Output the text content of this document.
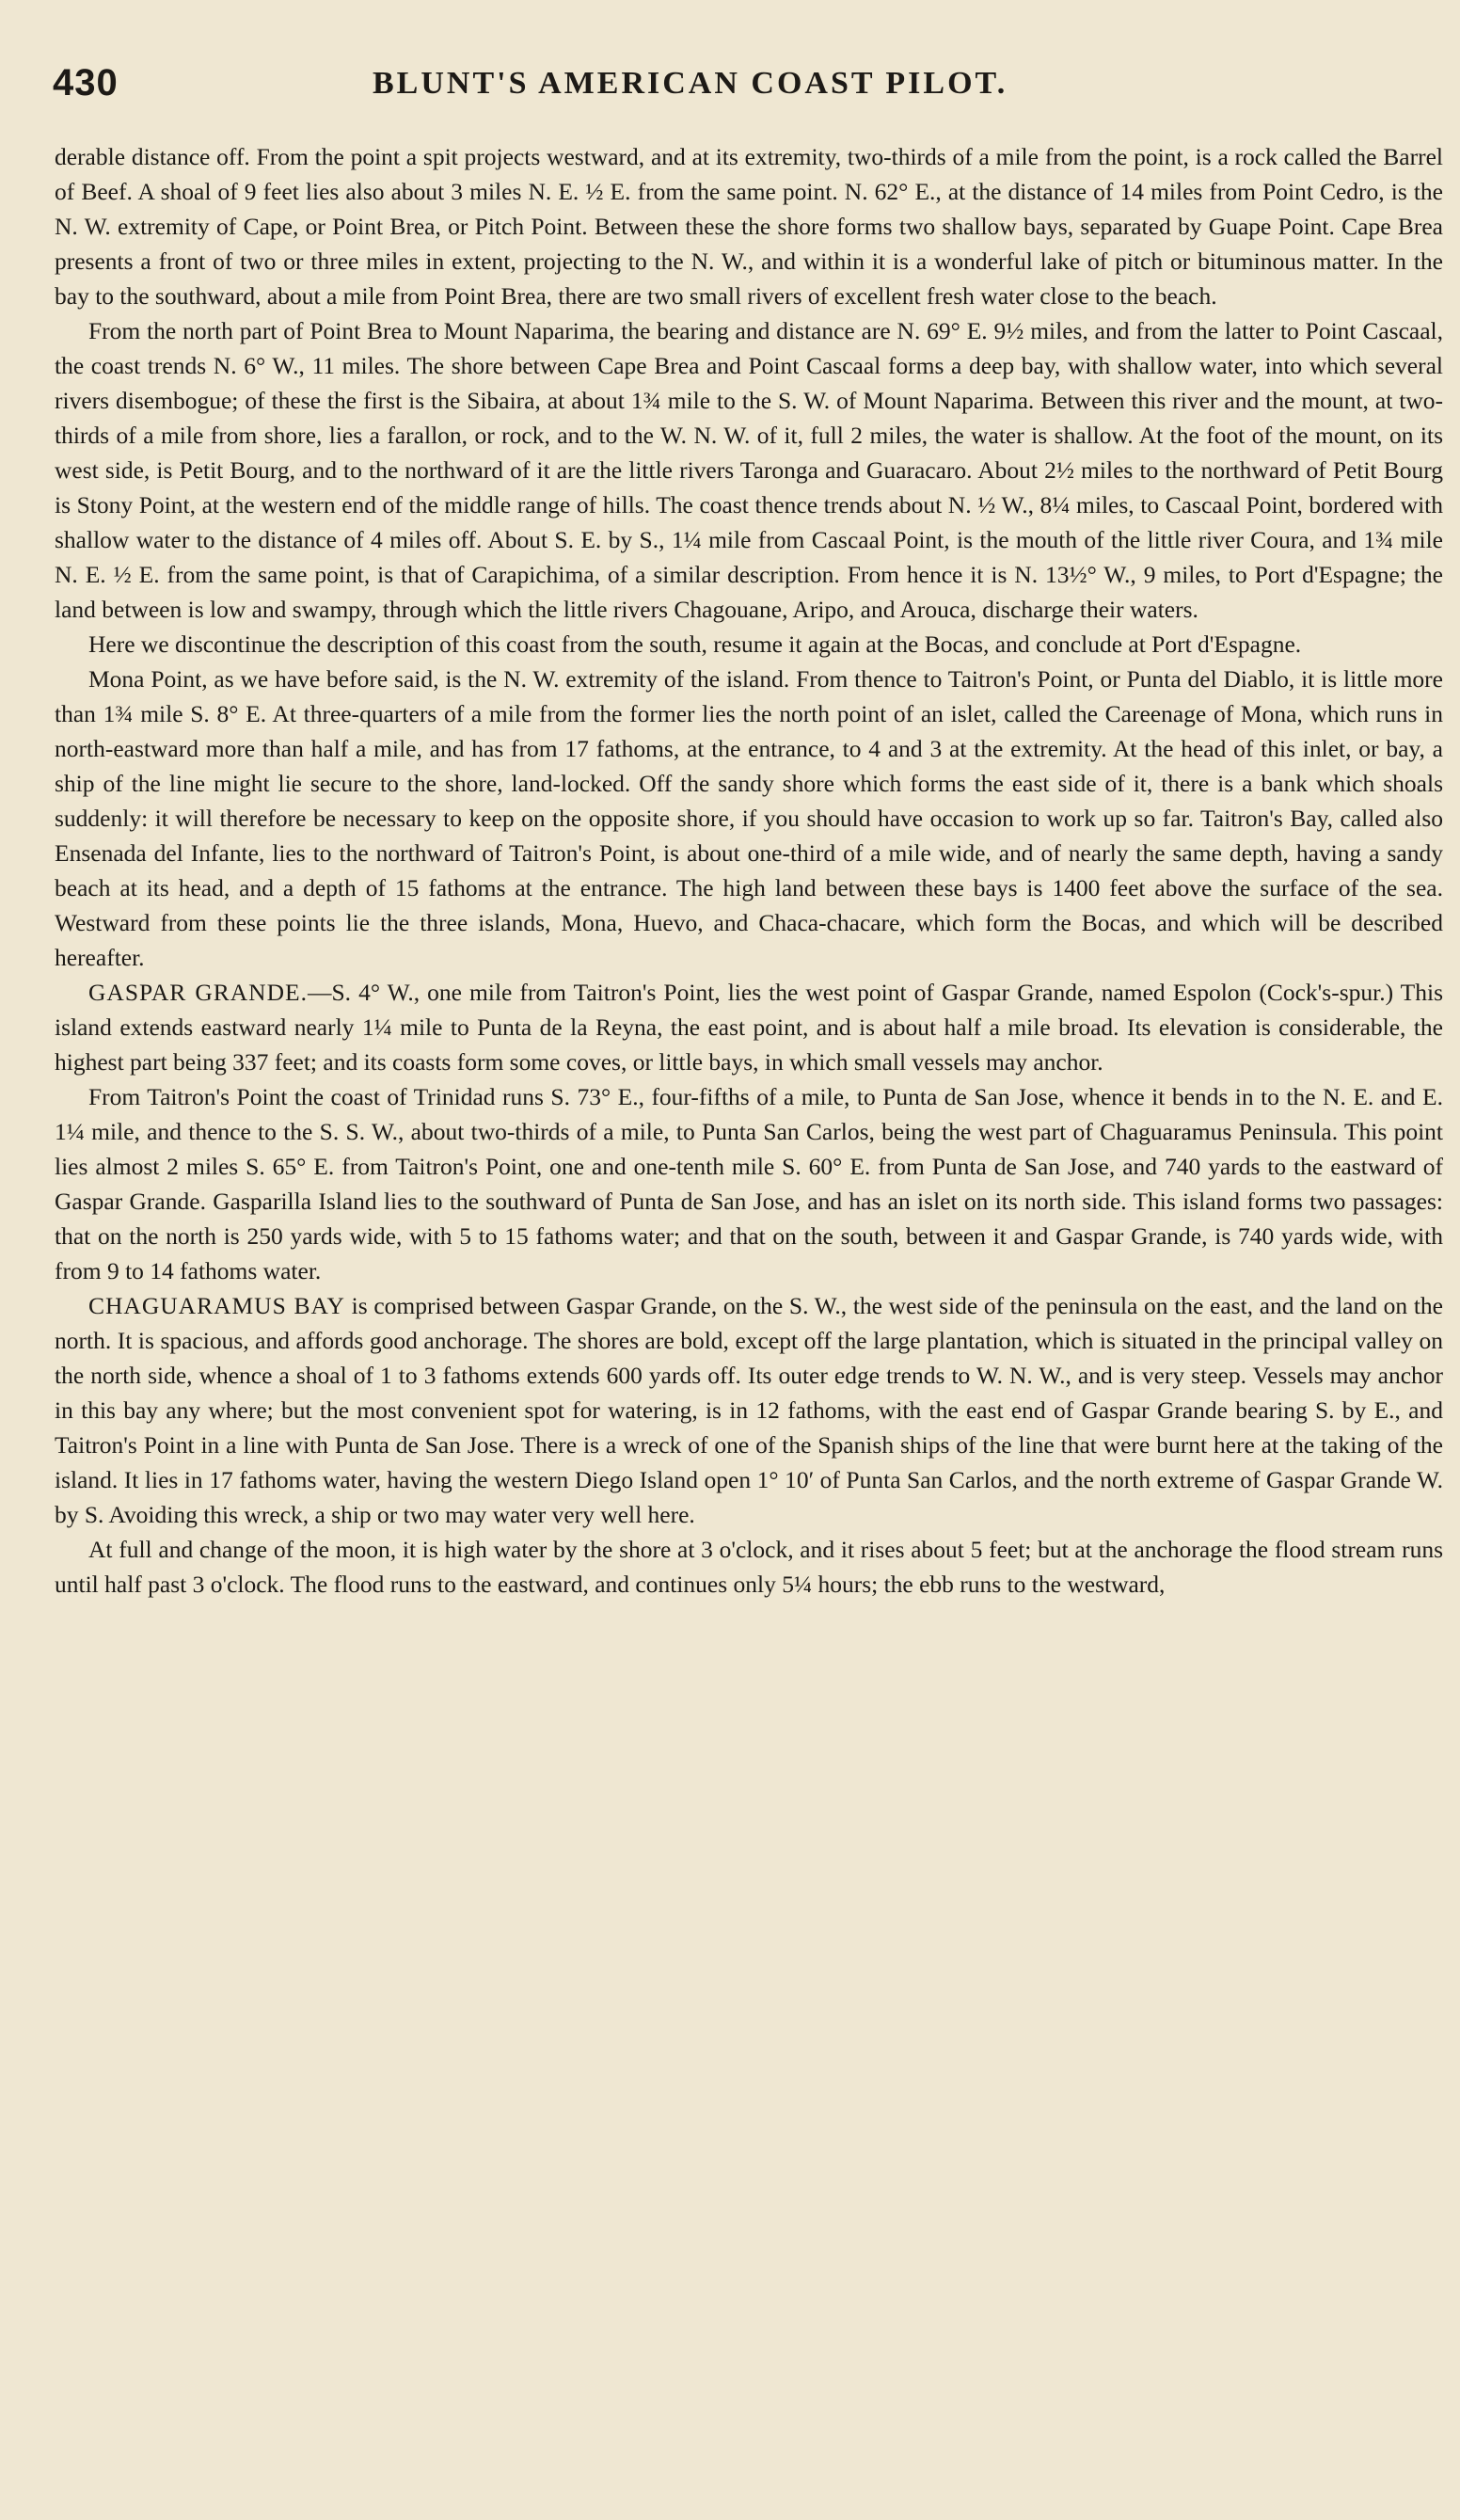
430	BLUNT'S AMERICAN COAST PILOT.

derable distance off. From the point a spit projects westward, and at its extremity, two-thirds of a mile from the point, is a rock called the Barrel of Beef. A shoal of 9 feet lies also about 3 miles N. E. ½ E. from the same point. N. 62° E., at the distance of 14 miles from Point Cedro, is the N. W. extremity of Cape, or Point Brea, or Pitch Point. Between these the shore forms two shallow bays, separated by Guape Point. Cape Brea presents a front of two or three miles in extent, projecting to the N. W., and within it is a wonderful lake of pitch or bituminous matter. In the bay to the southward, about a mile from Point Brea, there are two small rivers of excellent fresh water close to the beach.

From the north part of Point Brea to Mount Naparima, the bearing and distance are N. 69° E. 9½ miles, and from the latter to Point Cascaal, the coast trends N. 6° W., 11 miles. The shore between Cape Brea and Point Cascaal forms a deep bay, with shallow water, into which several rivers disembogue; of these the first is the Sibaira, at about 1¾ mile to the S. W. of Mount Naparima. Between this river and the mount, at two-thirds of a mile from shore, lies a farallon, or rock, and to the W. N. W. of it, full 2 miles, the water is shallow. At the foot of the mount, on its west side, is Petit Bourg, and to the northward of it are the little rivers Taronga and Guaracaro. About 2½ miles to the northward of Petit Bourg is Stony Point, at the western end of the middle range of hills. The coast thence trends about N. ½ W., 8¼ miles, to Cascaal Point, bordered with shallow water to the distance of 4 miles off. About S. E. by S., 1¼ mile from Cascaal Point, is the mouth of the little river Coura, and 1¾ mile N. E. ½ E. from the same point, is that of Carapichima, of a similar description. From hence it is N. 13½° W., 9 miles, to Port d'Espagne; the land between is low and swampy, through which the little rivers Chagouane, Aripo, and Arouca, discharge their waters.

Here we discontinue the description of this coast from the south, resume it again at the Bocas, and conclude at Port d'Espagne.

Mona Point, as we have before said, is the N. W. extremity of the island. From thence to Taitron's Point, or Punta del Diablo, it is little more than 1¾ mile S. 8° E. At three-quarters of a mile from the former lies the north point of an islet, called the Careenage of Mona, which runs in north-eastward more than half a mile, and has from 17 fathoms, at the entrance, to 4 and 3 at the extremity. At the head of this inlet, or bay, a ship of the line might lie secure to the shore, land-locked. Off the sandy shore which forms the east side of it, there is a bank which shoals suddenly: it will therefore be necessary to keep on the opposite shore, if you should have occasion to work up so far. Taitron's Bay, called also Ensenada del Infante, lies to the northward of Taitron's Point, is about one-third of a mile wide, and of nearly the same depth, having a sandy beach at its head, and a depth of 15 fathoms at the entrance. The high land between these bays is 1400 feet above the surface of the sea. Westward from these points lie the three islands, Mona, Huevo, and Chaca-chacare, which form the Bocas, and which will be described hereafter.

GASPAR GRANDE.—S. 4° W., one mile from Taitron's Point, lies the west point of Gaspar Grande, named Espolon (Cock's-spur.) This island extends eastward nearly 1¼ mile to Punta de la Reyna, the east point, and is about half a mile broad. Its elevation is considerable, the highest part being 337 feet; and its coasts form some coves, or little bays, in which small vessels may anchor.

From Taitron's Point the coast of Trinidad runs S. 73° E., four-fifths of a mile, to Punta de San Jose, whence it bends in to the N. E. and E. 1¼ mile, and thence to the S. S. W., about two-thirds of a mile, to Punta San Carlos, being the west part of Chaguaramus Peninsula. This point lies almost 2 miles S. 65° E. from Taitron's Point, one and one-tenth mile S. 60° E. from Punta de San Jose, and 740 yards to the eastward of Gaspar Grande. Gasparilla Island lies to the southward of Punta de San Jose, and has an islet on its north side. This island forms two passages: that on the north is 250 yards wide, with 5 to 15 fathoms water; and that on the south, between it and Gaspar Grande, is 740 yards wide, with from 9 to 14 fathoms water.

CHAGUARAMUS BAY is comprised between Gaspar Grande, on the S. W., the west side of the peninsula on the east, and the land on the north. It is spacious, and affords good anchorage. The shores are bold, except off the large plantation, which is situated in the principal valley on the north side, whence a shoal of 1 to 3 fathoms extends 600 yards off. Its outer edge trends to W. N. W., and is very steep. Vessels may anchor in this bay any where; but the most convenient spot for watering, is in 12 fathoms, with the east end of Gaspar Grande bearing S. by E., and Taitron's Point in a line with Punta de San Jose. There is a wreck of one of the Spanish ships of the line that were burnt here at the taking of the island. It lies in 17 fathoms water, having the western Diego Island open 1° 10′ of Punta San Carlos, and the north extreme of Gaspar Grande W. by S. Avoiding this wreck, a ship or two may water very well here.

At full and change of the moon, it is high water by the shore at 3 o'clock, and it rises about 5 feet; but at the anchorage the flood stream runs until half past 3 o'clock. The flood runs to the eastward, and continues only 5¼ hours; the ebb runs to the westward,
